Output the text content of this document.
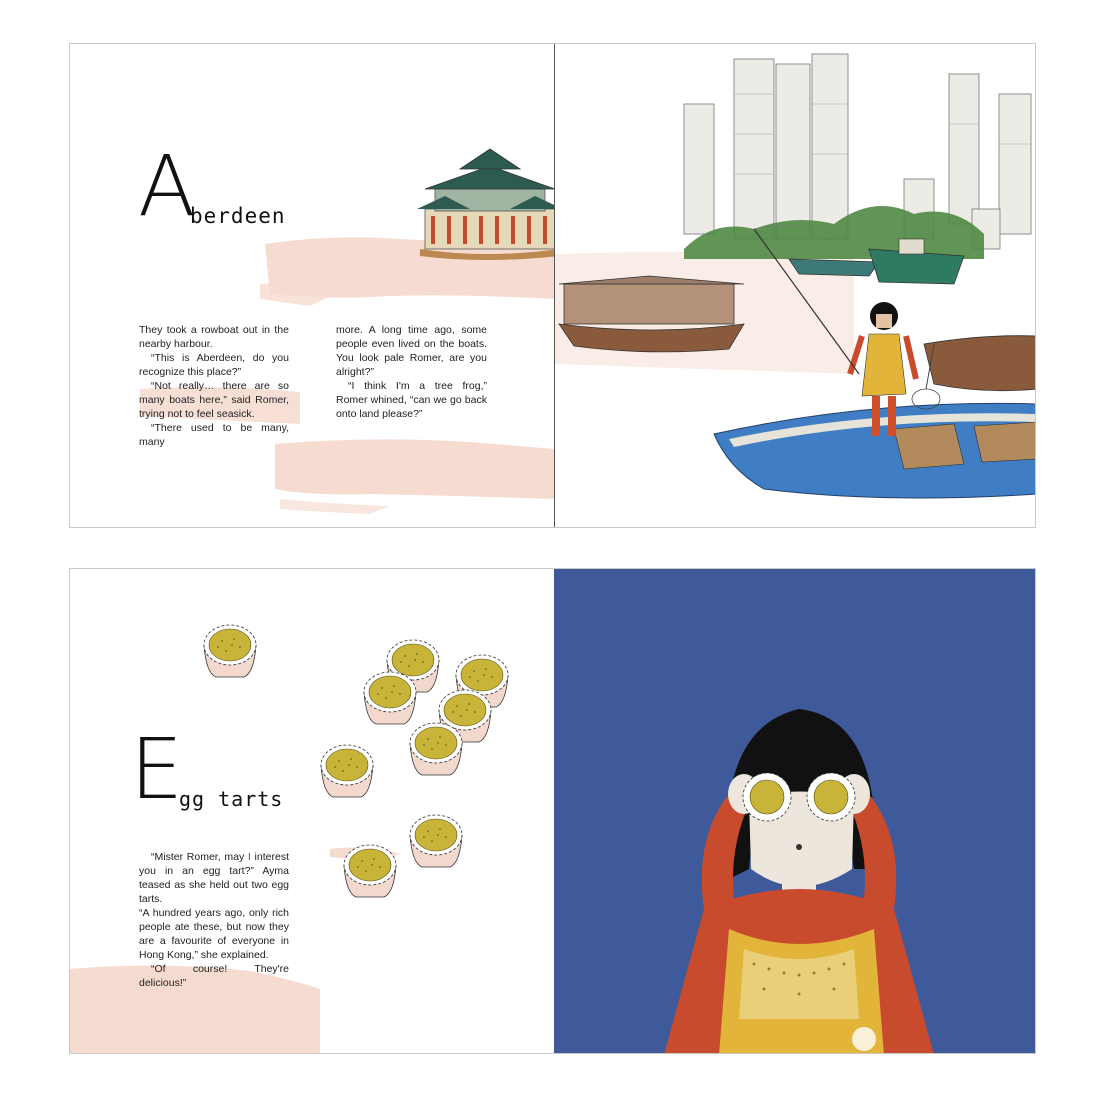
A
berdeen

They took a rowboat out in the nearby harbour.

“This is Aberdeen, do you recognize this place?”

“Not really… there are so many boats here,” said Romer, trying not to feel seasick.

“There used to be many, many

more. A long time ago, some people even lived on the boats. You look pale Romer, are you alright?”

“I think I'm a tree frog,” Romer whined, “can we go back onto land please?”

E
gg tarts

“Mister Romer, may I interest you in an egg tart?” Ayma teased as she held out two egg tarts.

“A hundred years ago, only rich people ate these, but now they are a favourite of everyone in Hong Kong,” she explained.

“Of course! They're delicious!”
